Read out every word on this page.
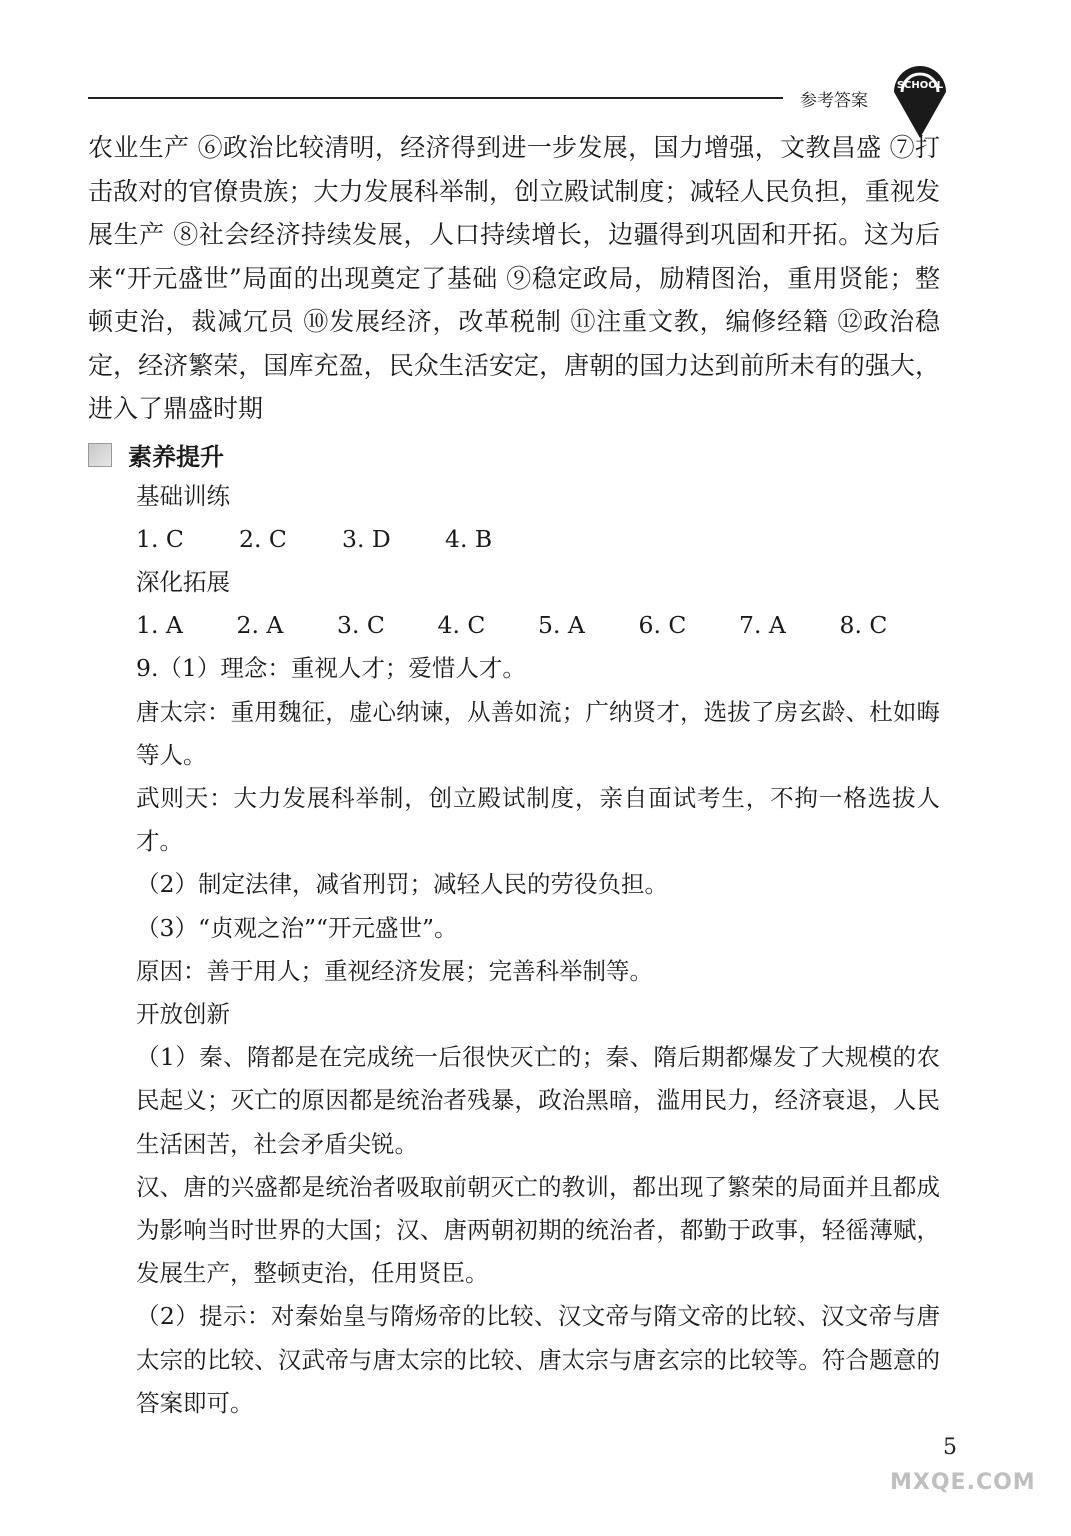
参考答案
SCHOOL

农业生产 ⑥政治比较清明，经济得到进一步发展，国力增强，文教昌盛 ⑦打击敌对的官僚贵族；大力发展科举制，创立殿试制度；减轻人民负担，重视发展生产 ⑧社会经济持续发展，人口持续增长，边疆得到巩固和开拓。这为后来“开元盛世”局面的出现奠定了基础 ⑨稳定政局，励精图治，重用贤能；整顿吏治，裁减冗员 ⑩发展经济，改革税制 ⑪注重文教，编修经籍 ⑫政治稳定，经济繁荣，国库充盈，民众生活安定，唐朝的国力达到前所未有的强大，进入了鼎盛时期

素养提升

基础训练

1. C	2. C	3. D	4. B

深化拓展

1. A	2. A	3. C	4. C	5. A	6. C	7. A	8. C

9.（1）理念：重视人才；爱惜人才。

唐太宗：重用魏征，虚心纳谏，从善如流；广纳贤才，选拔了房玄龄、杜如晦等人。

武则天：大力发展科举制，创立殿试制度，亲自面试考生，不拘一格选拔人才。

（2）制定法律，减省刑罚；减轻人民的劳役负担。

（3）“贞观之治”“开元盛世”。

原因：善于用人；重视经济发展；完善科举制等。

开放创新

（1）秦、隋都是在完成统一后很快灭亡的；秦、隋后期都爆发了大规模的农民起义；灭亡的原因都是统治者残暴，政治黑暗，滥用民力，经济衰退，人民生活困苦，社会矛盾尖锐。

汉、唐的兴盛都是统治者吸取前朝灭亡的教训，都出现了繁荣的局面并且都成为影响当时世界的大国；汉、唐两朝初期的统治者，都勤于政事，轻徭薄赋，发展生产，整顿吏治，任用贤臣。

（2）提示：对秦始皇与隋炀帝的比较、汉文帝与隋文帝的比较、汉文帝与唐太宗的比较、汉武帝与唐太宗的比较、唐太宗与唐玄宗的比较等。符合题意的答案即可。

5
MXQE.COM
